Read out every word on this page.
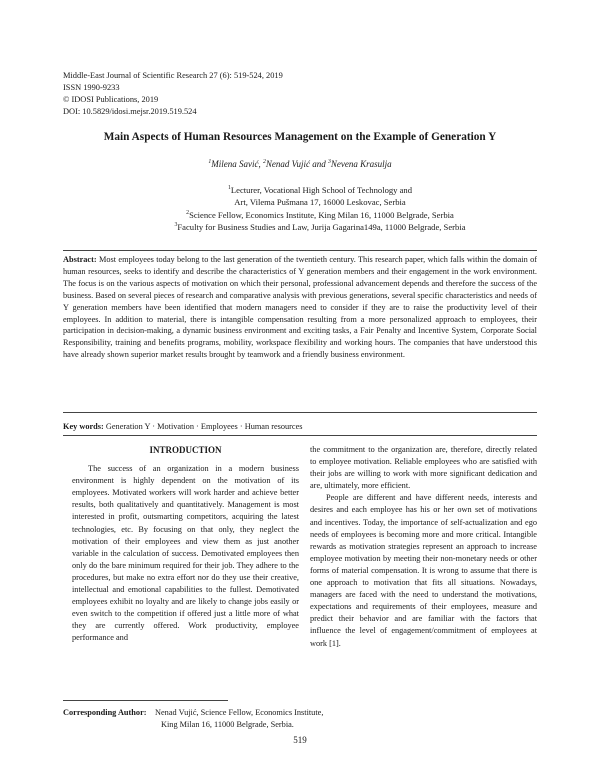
Middle-East Journal of Scientific Research 27 (6): 519-524, 2019
ISSN 1990-9233
© IDOSI Publications, 2019
DOI: 10.5829/idosi.mejsr.2019.519.524
Main Aspects of Human Resources Management on the Example of Generation Y
$^1$Milena Savić, $^2$Nenad Vujić and $^3$Nevena Krasulja
$^1$Lecturer, Vocational High School of Technology and
Art, Vilema Pušmana 17, 16000 Leskovac, Serbia
$^2$Science Fellow, Economics Institute, King Milan 16, 11000 Belgrade, Serbia
$^3$Faculty for Business Studies and Law, Jurija Gagarina149a, 11000 Belgrade, Serbia
Abstract: Most employees today belong to the last generation of the twentieth century. This research paper, which falls within the domain of human resources, seeks to identify and describe the characteristics of Y generation members and their engagement in the work environment. The focus is on the various aspects of motivation on which their personal, professional advancement depends and therefore the success of the business. Based on several pieces of research and comparative analysis with previous generations, several specific characteristics and needs of Y generation members have been identified that modern managers need to consider if they are to raise the productivity level of their employees. In addition to material, there is intangible compensation resulting from a more personalized approach to employees, their participation in decision-making, a dynamic business environment and exciting tasks, a Fair Penalty and Incentive System, Corporate Social Responsibility, training and benefits programs, mobility, workspace flexibility and working hours. The companies that have understood this have already shown superior market results brought by teamwork and a friendly business environment.
Key words: Generation Y · Motivation · Employees · Human resources

INTRODUCTION

The success of an organization in a modern business environment is highly dependent on the motivation of its employees. Motivated workers will work harder and achieve better results, both qualitatively and quantitatively. Management is most interested in profit, outsmarting competitors, acquiring the latest technologies, etc. By focusing on that only, they neglect the motivation of their employees and view them as just another variable in the calculation of success. Demotivated employees then only do the bare minimum required for their job. They adhere to the procedures, but make no extra effort nor do they use their creative, intellectual and emotional capabilities to the fullest. Demotivated employees exhibit no loyalty and are likely to change jobs easily or even switch to the competition if offered just a little more of what they are currently offered. Work productivity, employee performance and

the commitment to the organization are, therefore, directly related to employee motivation. Reliable employees who are satisfied with their jobs are willing to work with more significant dedication and are, ultimately, more efficient.

People are different and have different needs, interests and desires and each employee has his or her own set of motivations and incentives. Today, the importance of self-actualization and ego needs of employees is becoming more and more critical. Intangible rewards as motivation strategies represent an approach to increase employee motivation by meeting their non-monetary needs or other forms of material compensation. It is wrong to assume that there is one approach to motivation that fits all situations. Nowadays, managers are faced with the need to understand the motivations, expectations and requirements of their employees, measure and predict their behavior and are familiar with the factors that influence the level of engagement/commitment of employees at work [1].

Corresponding Author: Nenad Vujić, Science Fellow, Economics Institute,
King Milan 16, 11000 Belgrade, Serbia.
519
